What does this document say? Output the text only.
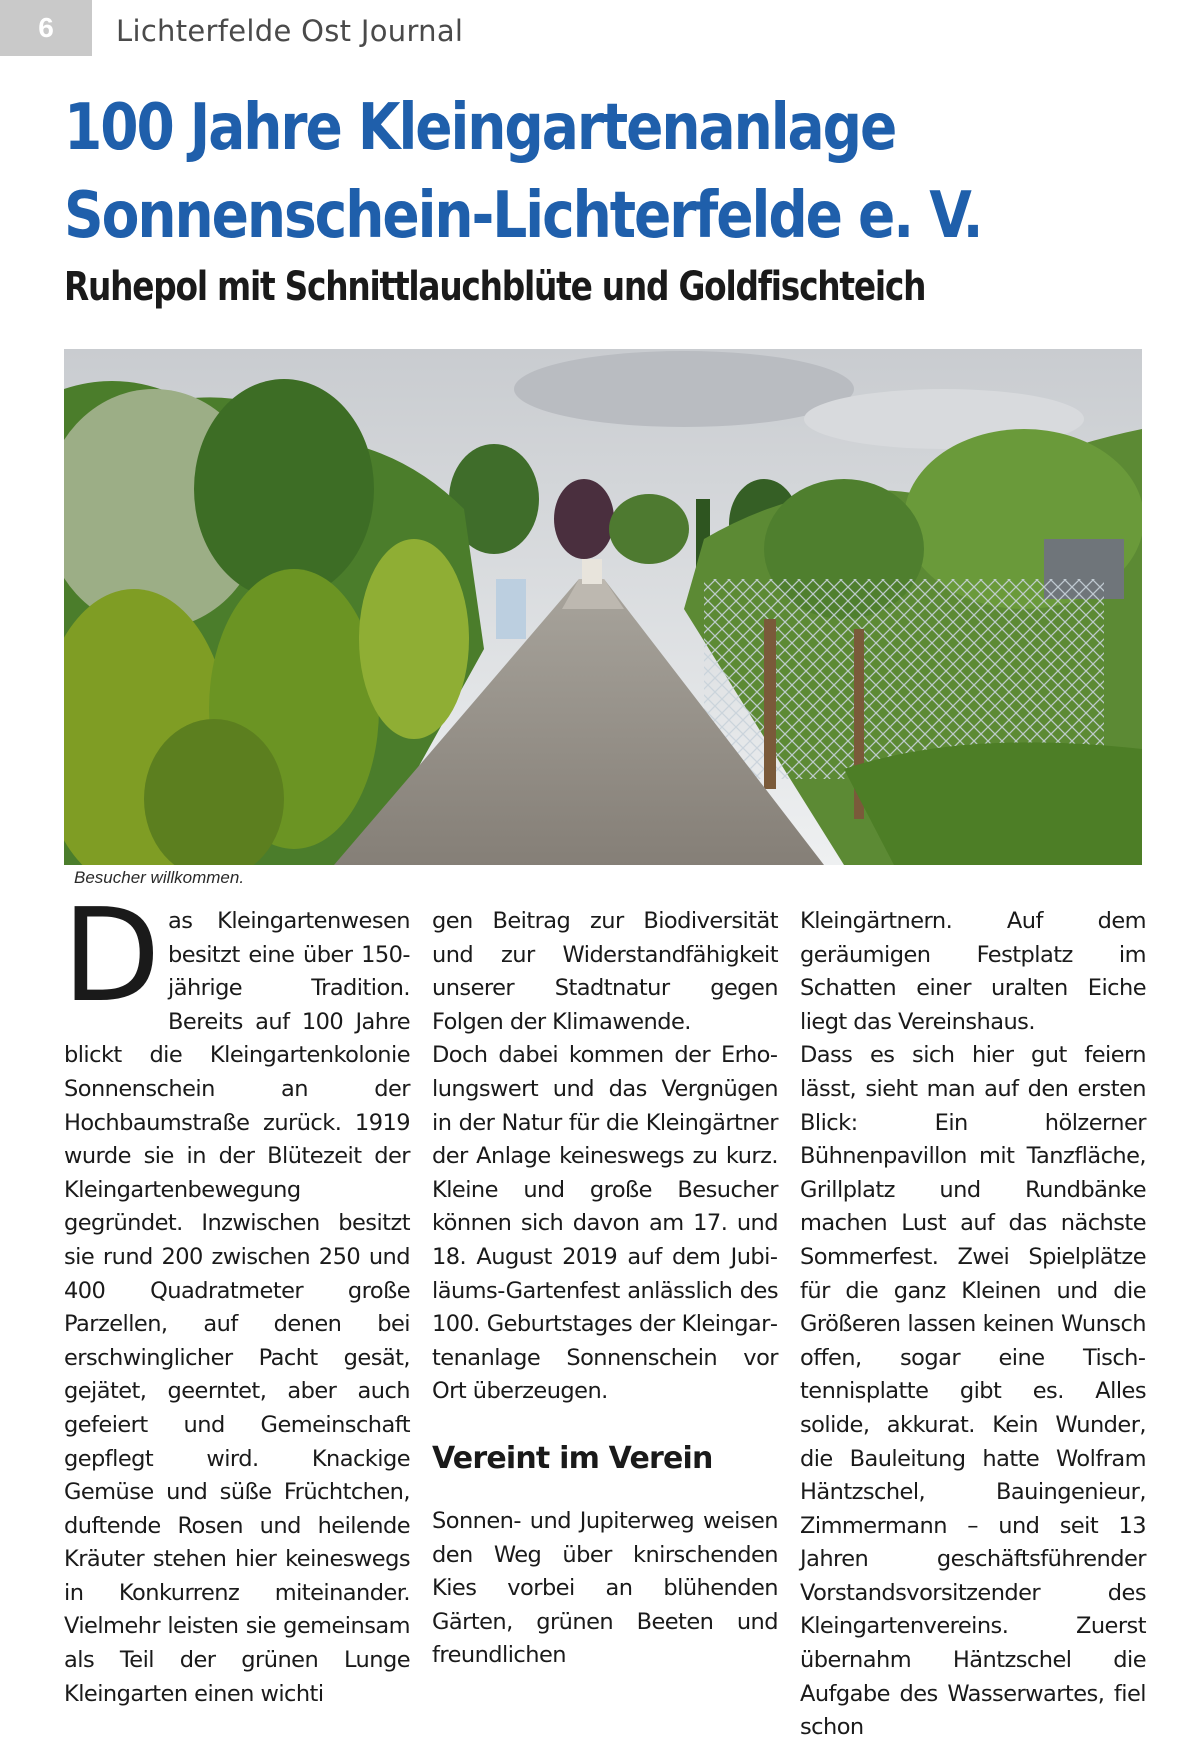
6	Lichterfelde Ost Journal
100 Jahre Kleingartenanlage
Sonnenschein-Lichterfelde e. V.
Ruhepol mit Schnittlauchblüte und Goldfischteich
Besucher willkommen.
D as Kleingartenwesen besitzt eine über 150-jährige Tradition. Bereits auf 100 Jahre blickt die Kleingartenkolonie Sonnenschein an der Hochbaumstraße zurück. 1919 wurde sie in der Blütezeit der Kleingartenbewegung gegründet. Inzwischen besitzt sie rund 200 zwischen 250 und 400 Quadratmeter große Parzellen, auf denen bei erschwinglicher Pacht gesät, gejätet, geerntet, aber auch gefeiert und Gemeinschaft gepflegt wird. Knackige Gemüse und süße Früchtchen, duftende Rosen und heilende Kräuter stehen hier keineswegs in Konkurrenz miteinander. Vielmehr leisten sie gemeinsam als Teil der grünen Lunge Kleingarten einen wichti

gen Beitrag zur Biodiversität und zur Widerstandfähigkeit unserer Stadtnatur gegen Folgen der Klimawende.

Doch dabei kommen der Erholungswert und das Vergnügen in der Natur für die Kleingärtner der Anlage keineswegs zu kurz. Kleine und große Besucher können sich davon am 17. und 18. August 2019 auf dem Jubiläums-Gartenfest anlässlich des 100. Geburtstages der Kleingartenanlage Sonnenschein vor Ort überzeugen.

Vereint im Verein

Sonnen- und Jupiterweg weisen den Weg über knirschenden Kies vorbei an blühenden Gärten, grünen Beeten und freundlichen

Kleingärtnern. Auf dem geräumigen Festplatz im Schatten einer uralten Eiche liegt das Vereinshaus.

Dass es sich hier gut feiern lässt, sieht man auf den ersten Blick: Ein hölzerner Bühnenpavillon mit Tanzfläche, Grillplatz und Rundbänke machen Lust auf das nächste Sommerfest. Zwei Spielplätze für die ganz Kleinen und die Größeren lassen keinen Wunsch offen, sogar eine Tischtennisplatte gibt es. Alles solide, akkurat. Kein Wunder, die Bauleitung hatte Wolfram Häntzschel, Bauingenieur, Zimmermann – und seit 13 Jahren geschäftsführender Vorstandsvorsitzender des Kleingartenvereins. Zuerst übernahm Häntzschel die Aufgabe des Wasserwartes, fiel schon
